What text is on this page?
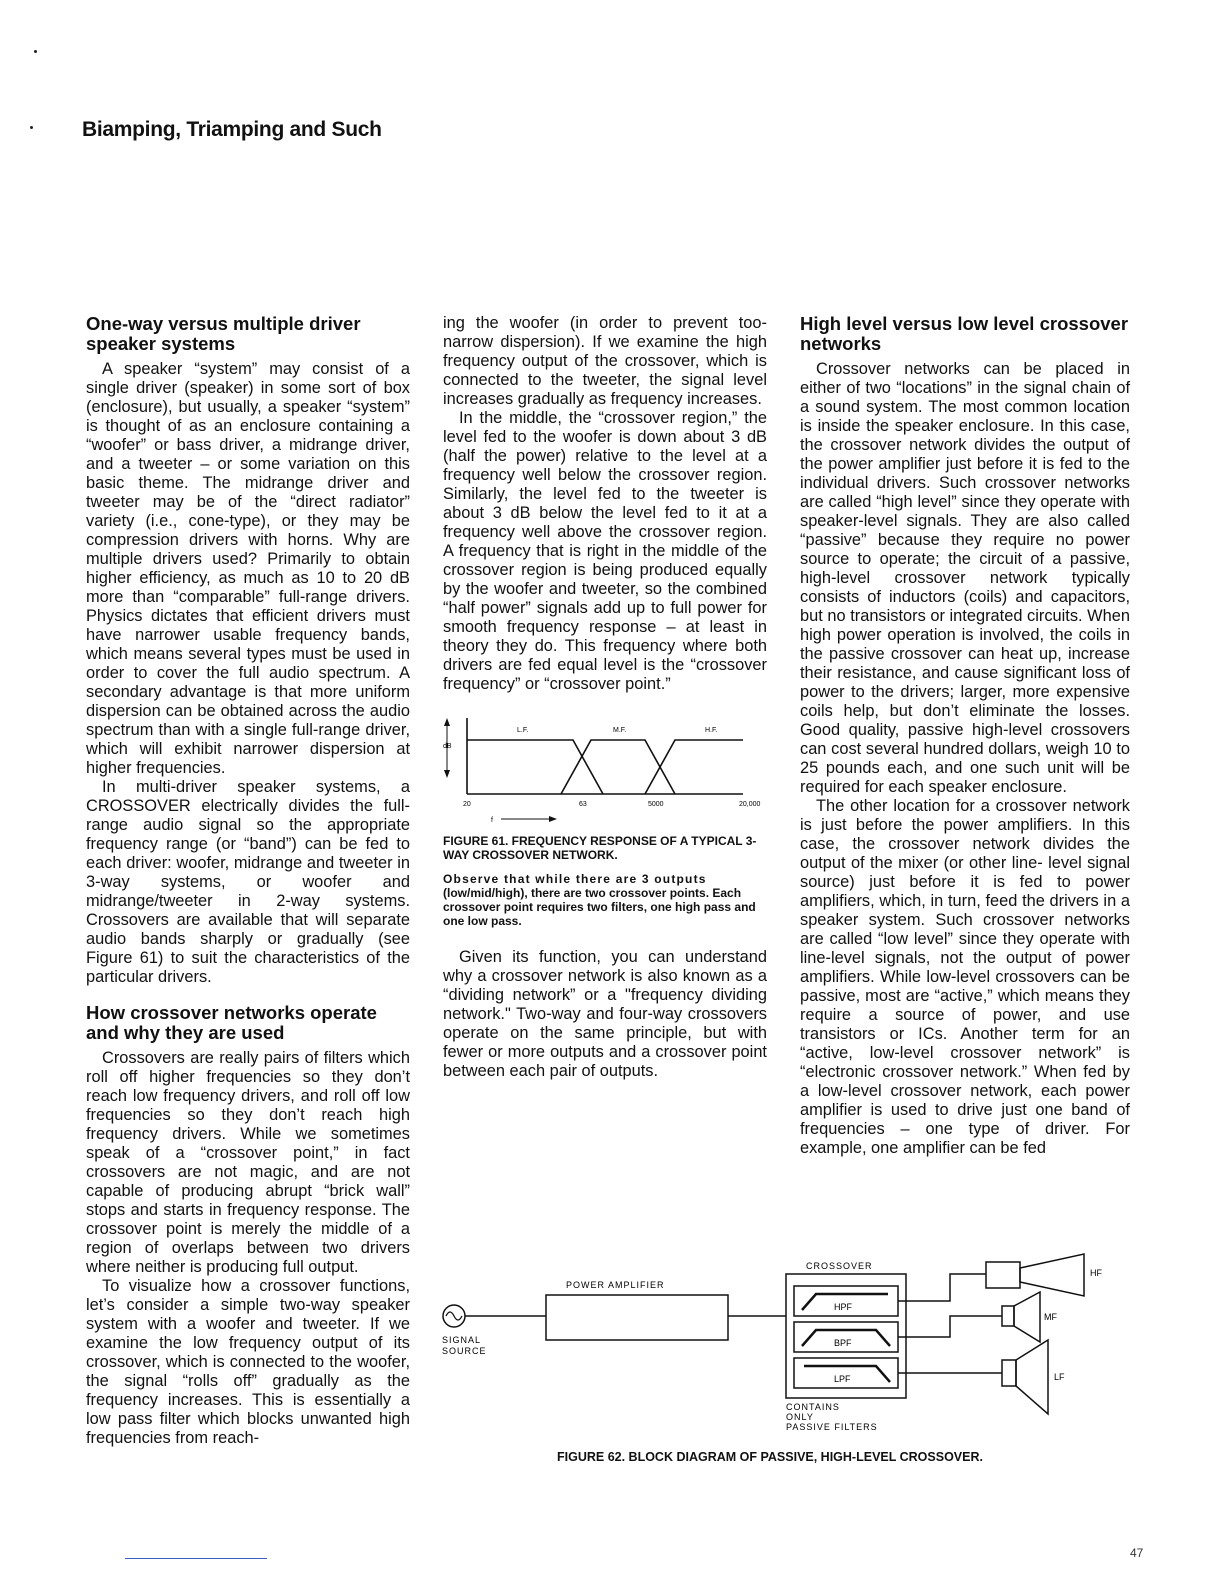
Biamping, Triamping and Such
One-way versus multiple driver speaker systems

A speaker “system” may consist of a single driver (speaker) in some sort of box (enclosure), but usually, a speaker “system” is thought of as an enclosure containing a “woofer” or bass driver, a midrange driver, and a tweeter – or some variation on this basic theme. The midrange driver and tweeter may be of the “direct radiator” variety (i.e., cone-type), or they may be compression drivers with horns. Why are multiple drivers used? Primarily to obtain higher efficiency, as much as 10 to 20 dB more than “comparable” full-range drivers. Physics dictates that efficient drivers must have narrower usable frequency bands, which means several types must be used in order to cover the full audio spectrum. A secondary advantage is that more uniform dispersion can be obtained across the audio spectrum than with a single full-range driver, which will exhibit narrower dispersion at higher frequencies.

In multi-driver speaker systems, a CROSSOVER electrically divides the full-range audio signal so the appropriate frequency range (or “band”) can be fed to each driver: woofer, midrange and tweeter in 3-way systems, or woofer and midrange/tweeter in 2-way systems. Crossovers are available that will separate audio bands sharply or gradually (see Figure 61) to suit the characteristics of the particular drivers.

How crossover networks operate and why they are used

Crossovers are really pairs of filters which roll off higher frequencies so they don’t reach low frequency drivers, and roll off low frequencies so they don’t reach high frequency drivers. While we sometimes speak of a “crossover point,” in fact crossovers are not magic, and are not capable of producing abrupt “brick wall” stops and starts in frequency response. The crossover point is merely the middle of a region of overlaps between two drivers where neither is producing full output.

To visualize how a crossover functions, let’s consider a simple two-way speaker system with a woofer and tweeter. If we examine the low frequency output of its crossover, which is connected to the woofer, the signal “rolls off” gradually as the frequency increases. This is essentially a low pass filter which blocks unwanted high frequencies from reach-

ing the woofer (in order to prevent too-narrow dispersion). If we examine the high frequency output of the crossover, which is connected to the tweeter, the signal level increases gradually as frequency increases.

In the middle, the “crossover region,” the level fed to the woofer is down about 3 dB (half the power) relative to the level at a frequency well below the crossover region. Similarly, the level fed to the tweeter is about 3 dB below the level fed to it at a frequency well above the crossover region. A frequency that is right in the middle of the crossover region is being produced equally by the woofer and tweeter, so the combined “half power” signals add up to full power for smooth frequency response – at least in theory they do. This frequency where both drivers are fed equal level is the “crossover frequency” or “crossover point.”

dB
L.F.	M.F.	H.F.
20	63	5000	20,000
f
FIGURE 61. FREQUENCY RESPONSE OF A TYPICAL 3-WAY CROSSOVER NETWORK.
Observe that while there are 3 outputs (low/mid/high), there are two crossover points. Each crossover point requires two filters, one high pass and one low pass.

Given its function, you can understand why a crossover network is also known as a “dividing network” or a "frequency dividing network." Two-way and four-way crossovers operate on the same principle, but with fewer or more outputs and a crossover point between each pair of outputs.

High level versus low level crossover networks

Crossover networks can be placed in either of two “locations” in the signal chain of a sound system. The most common location is inside the speaker enclosure. In this case, the crossover network divides the output of the power amplifier just before it is fed to the individual drivers. Such crossover networks are called “high level” since they operate with speaker-level signals. They are also called “passive” because they require no power source to operate; the circuit of a passive, high-level crossover network typically consists of inductors (coils) and capacitors, but no transistors or integrated circuits. When high power operation is involved, the coils in the passive crossover can heat up, increase their resistance, and cause significant loss of power to the drivers; larger, more expensive coils help, but don’t eliminate the losses. Good quality, passive high-level crossovers can cost several hundred dollars, weigh 10 to 25 pounds each, and one such unit will be required for each speaker enclosure.

The other location for a crossover network is just before the power amplifiers. In this case, the crossover network divides the output of the mixer (or other line- level signal source) just before it is fed to power amplifiers, which, in turn, feed the drivers in a speaker system. Such crossover networks are called “low level” since they operate with line-level signals, not the output of power amplifiers. While low-level crossovers can be passive, most are “active,” which means they require a source of power, and use transistors or ICs. Another term for an “active, low-level crossover network” is “electronic crossover network.” When fed by a low-level crossover network, each power amplifier is used to drive just one band of frequencies – one type of driver. For example, one amplifier can be fed

SIGNAL
SOURCE
POWER AMPLIFIER
CROSSOVER
HPF
BPF
LPF
CONTAINS
ONLY
PASSIVE FILTERS
HF
MF
LF
FIGURE 62. BLOCK DIAGRAM OF PASSIVE, HIGH-LEVEL CROSSOVER.
47
